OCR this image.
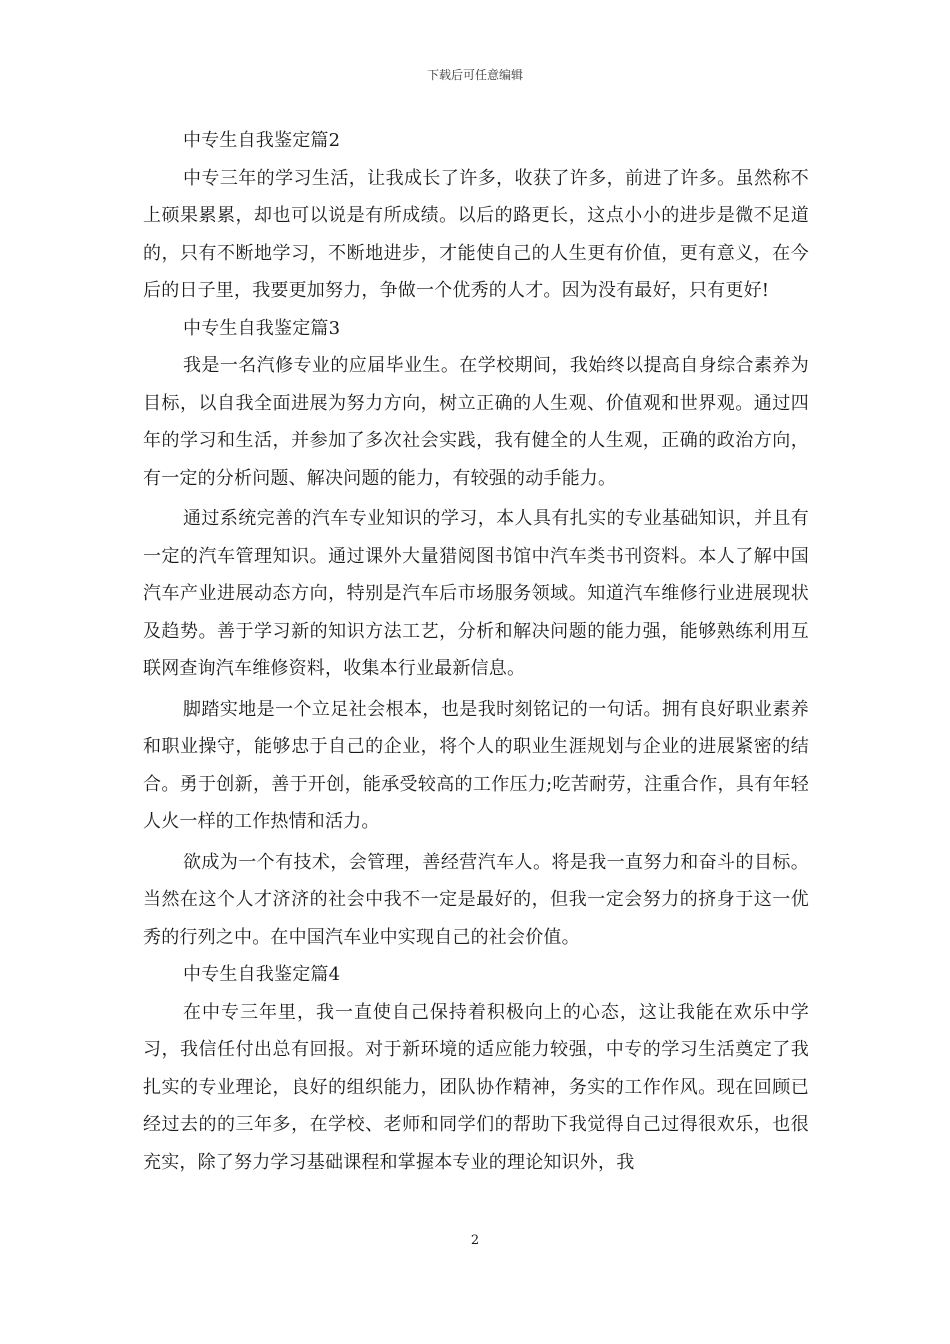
下载后可任意编辑
中专生自我鉴定篇2

中专三年的学习生活，让我成长了许多，收获了许多，前进了许多。虽然称不上硕果累累，却也可以说是有所成绩。以后的路更长，这点小小的进步是微不足道的，只有不断地学习，不断地进步，才能使自己的人生更有价值，更有意义，在今后的日子里，我要更加努力，争做一个优秀的人才。因为没有最好，只有更好!

中专生自我鉴定篇3

我是一名汽修专业的应届毕业生。在学校期间，我始终以提高自身综合素养为目标，以自我全面进展为努力方向，树立正确的人生观、价值观和世界观。通过四年的学习和生活，并参加了多次社会实践，我有健全的人生观，正确的政治方向，有一定的分析问题、解决问题的能力，有较强的动手能力。

通过系统完善的汽车专业知识的学习，本人具有扎实的专业基础知识，并且有一定的汽车管理知识。通过课外大量猎阅图书馆中汽车类书刊资料。本人了解中国汽车产业进展动态方向，特别是汽车后市场服务领域。知道汽车维修行业进展现状及趋势。善于学习新的知识方法工艺，分析和解决问题的能力强，能够熟练利用互联网查询汽车维修资料，收集本行业最新信息。

脚踏实地是一个立足社会根本，也是我时刻铭记的一句话。拥有良好职业素养和职业操守，能够忠于自己的企业，将个人的职业生涯规划与企业的进展紧密的结合。勇于创新，善于开创，能承受较高的工作压力;吃苦耐劳，注重合作，具有年轻人火一样的工作热情和活力。

欲成为一个有技术，会管理，善经营汽车人。将是我一直努力和奋斗的目标。当然在这个人才济济的社会中我不一定是最好的，但我一定会努力的挤身于这一优秀的行列之中。在中国汽车业中实现自己的社会价值。

中专生自我鉴定篇4

在中专三年里，我一直使自己保持着积极向上的心态，这让我能在欢乐中学习，我信任付出总有回报。对于新环境的适应能力较强，中专的学习生活奠定了我扎实的专业理论，良好的组织能力，团队协作精神，务实的工作作风。现在回顾已经过去的的三年多，在学校、老师和同学们的帮助下我觉得自己过得很欢乐，也很充实，除了努力学习基础课程和掌握本专业的理论知识外，我

2
